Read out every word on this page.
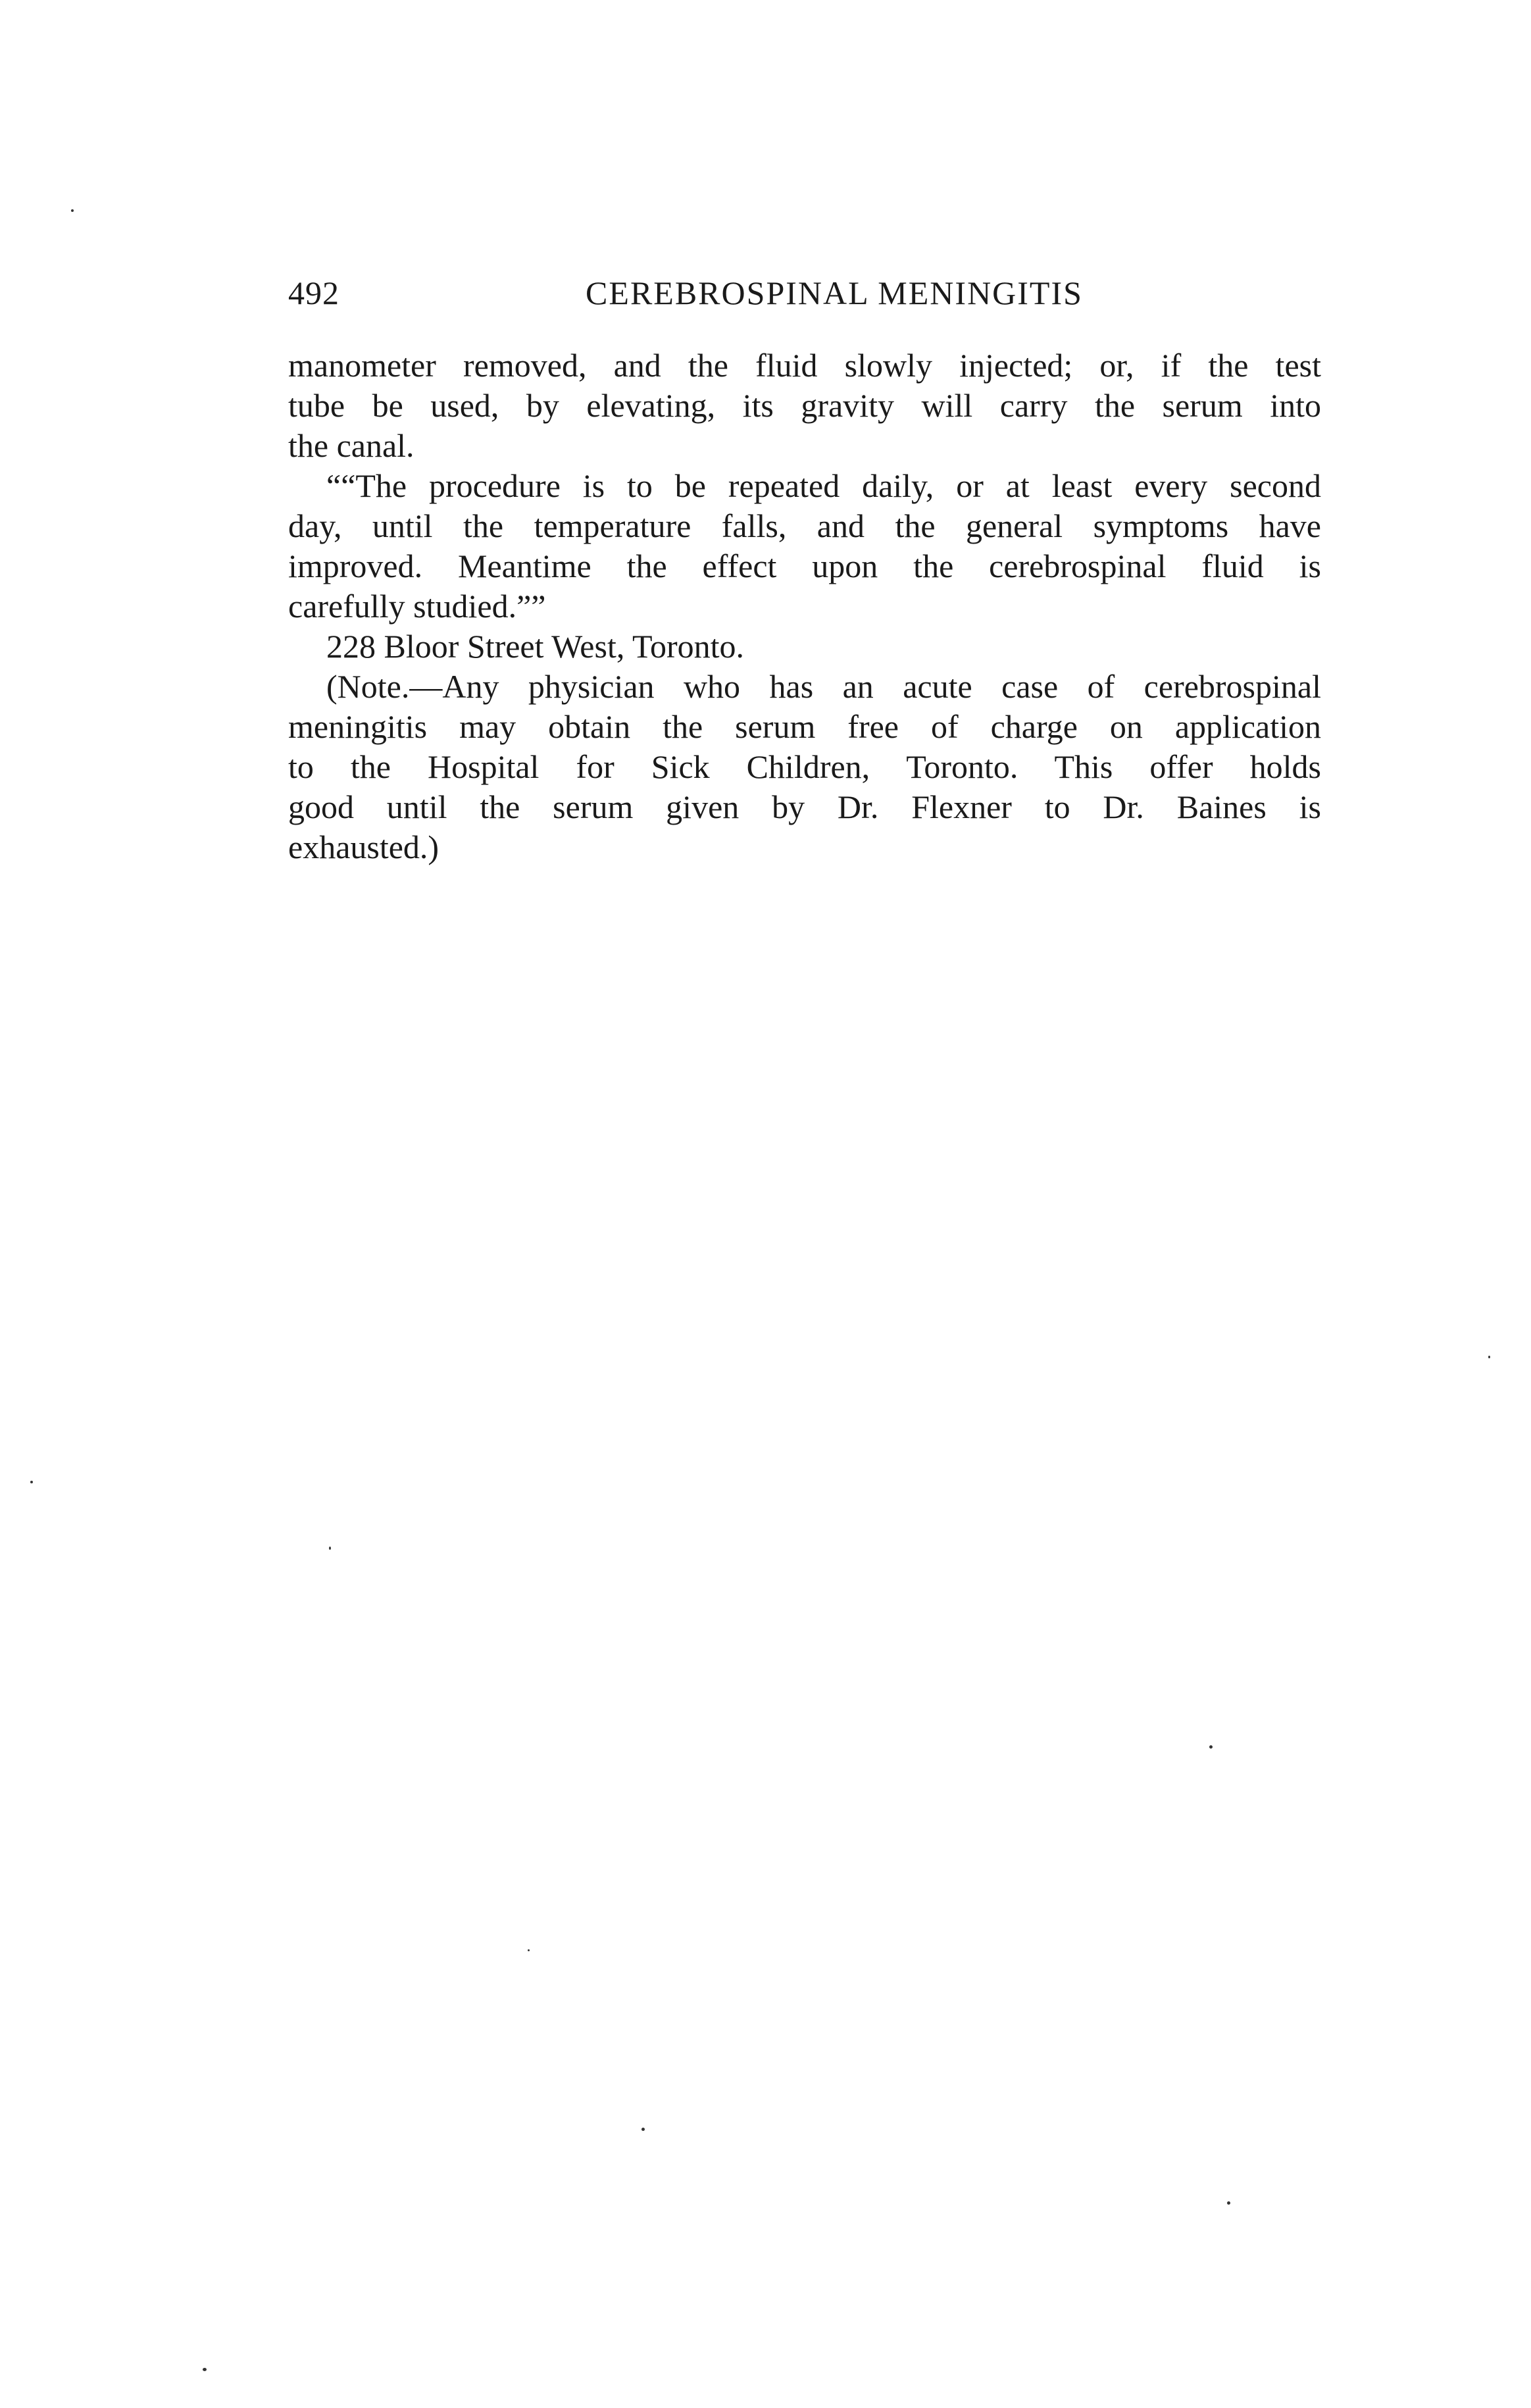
492	CEREBROSPINAL MENINGITIS

manometer removed, and the fluid slowly injected; or, if the test
tube be used, by elevating, its gravity will carry the serum into
the canal.

““The procedure is to be repeated daily, or at least every second
day, until the temperature falls, and the general symptoms have
improved. Meantime the effect upon the cerebrospinal fluid is
carefully studied.””

228 Bloor Street West, Toronto.

(Note.—Any physician who has an acute case of cerebrospinal
meningitis may obtain the serum free of charge on application
to the Hospital for Sick Children, Toronto. This offer holds
good until the serum given by Dr. Flexner to Dr. Baines is
exhausted.)
